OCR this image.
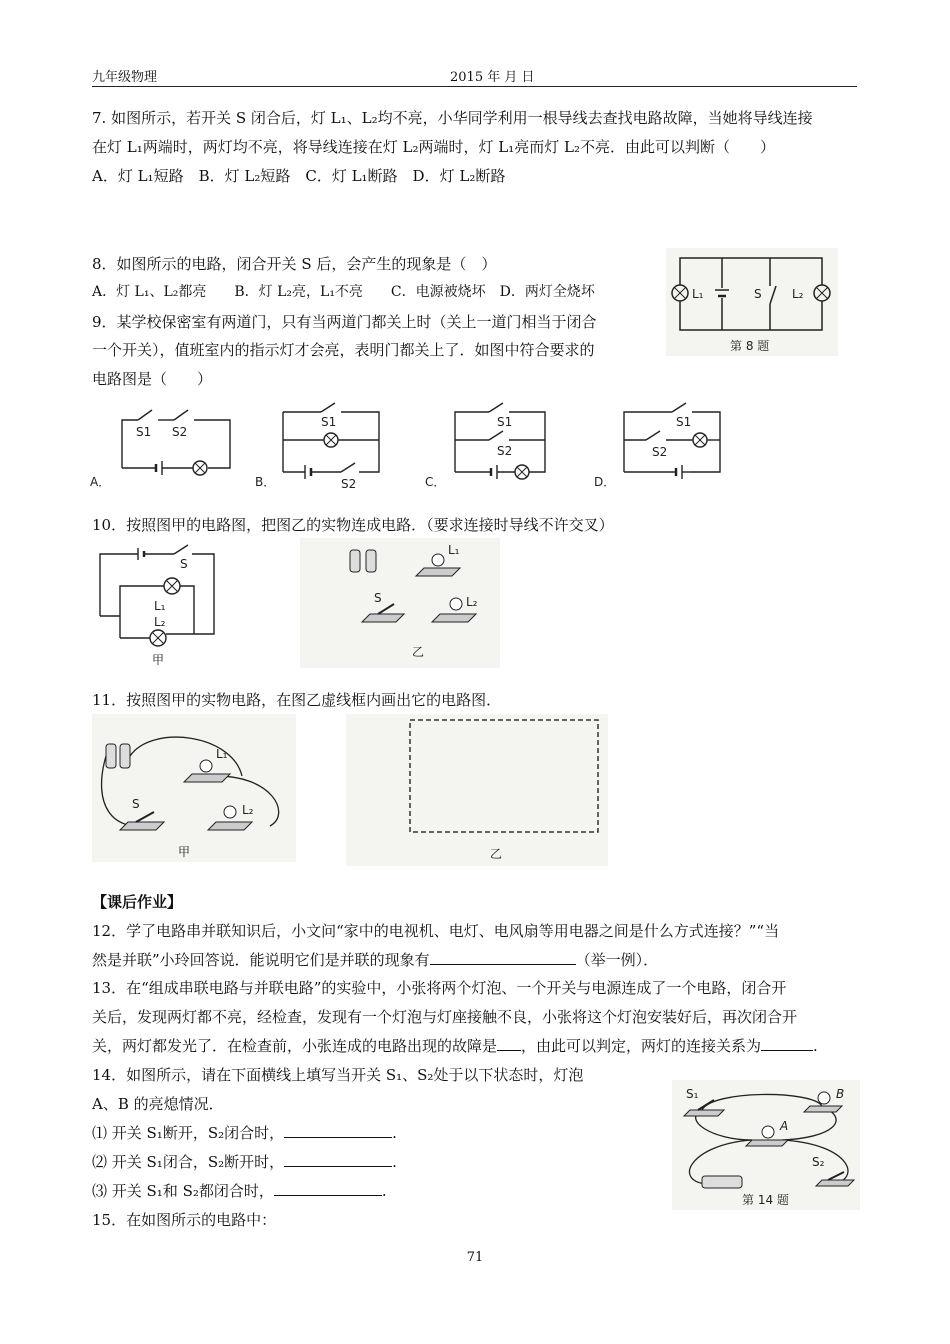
九年级物理	2015 年 月 日
7. 如图所示，若开关 S 闭合后，灯 L₁、L₂均不亮，小华同学利用一根导线去查找电路故障，当她将导线连接
在灯 L₁两端时，两灯均不亮，将导线连接在灯 L₂两端时，灯 L₁亮而灯 L₂不亮．由此可以判断（　　）
A．灯 L₁短路　B．灯 L₂短路　C．灯 L₁断路　D．灯 L₂断路
8．如图所示的电路，闭合开关 S 后，会产生的现象是（　）
A．灯 L₁、L₂都亮　　B．灯 L₂亮，L₁不亮　　C．电源被烧坏　D．两灯全烧坏	L₁	S	L₂
第 8 题
9．某学校保密室有两道门，只有当两道门都关上时（关上一道门相当于闭合
一个开关），值班室内的指示灯才会亮，表明门都关上了．如图中符合要求的
电路图是（　　）
S1 S2
A．
S1
S2
B．
S1
S2
C．
S1
S2
D．
10．按照图甲的电路图，把图乙的实物连成电路．（要求连接时导线不许交叉）
S
L₁
L₂
甲
L₁
S	L₂
乙
11．按照图甲的实物电路，在图乙虚线框内画出它的电路图．
L₁
S	L₂
甲	乙
【课后作业】
12．学了电路串并联知识后，小文问“家中的电视机、电灯、电风扇等用电器之间是什么方式连接？”“当
然是并联”小玲回答说．能说明它们是并联的现象有	（举一例）．
13．在“组成串联电路与并联电路”的实验中，小张将两个灯泡、一个开关与电源连成了一个电路，闭合开
关后，发现两灯都不亮，经检查，发现有一个灯泡与灯座接触不良，小张将这个灯泡安装好后，再次闭合开
关，两灯都发光了．在检查前，小张连成的电路出现的故障是 ，由此可以判定，两灯的连接关系为	.
14．如图所示，请在下面横线上填写当开关 S₁、S₂处于以下状态时，灯泡
A、B 的亮熄情况．
⑴ 开关 S₁断开，S₂闭合时，	.
⑵ 开关 S₁闭合，S₂断开时，	.
⑶ 开关 S₁和 S₂都闭合时，	.
S₁	B
A
S₂
第 14 题
15．在如图所示的电路中：
71
